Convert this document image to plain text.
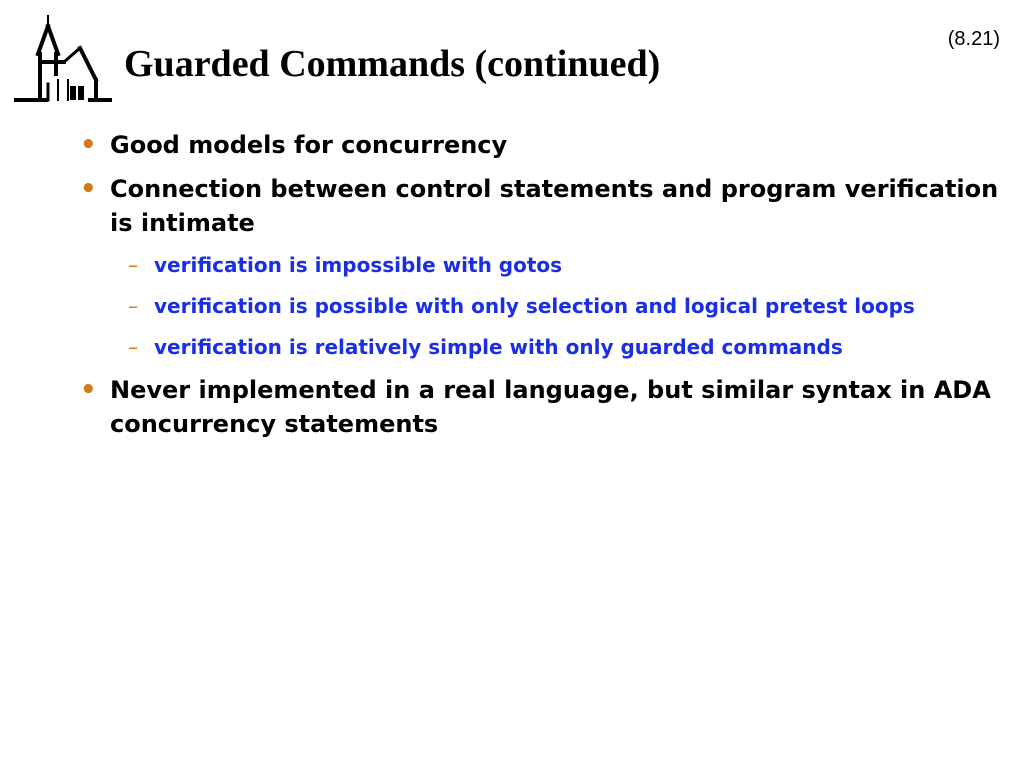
Guarded Commands (continued)
(8.21)
• Good models for concurrency
• Connection between control statements and program verification is intimate
– verification is impossible with gotos
– verification is possible with only selection and logical pretest loops
– verification is relatively simple with only guarded commands
• Never implemented in a real language, but similar syntax in ADA concurrency statements
